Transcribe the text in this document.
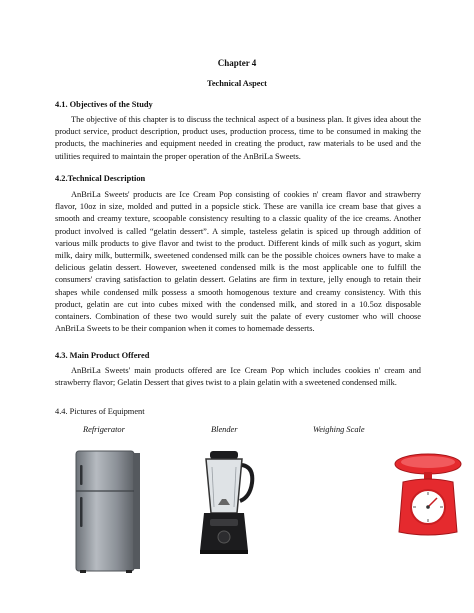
Chapter 4
Technical Aspect
4.1. Objectives of the Study
The objective of this chapter is to discuss the technical aspect of a business plan. It gives idea about the product service, product description, product uses, production process, time to be consumed in making the products, the machineries and equipment needed in creating the product, raw materials to be used and the utilities required to maintain the proper operation of the AnBriLa Sweets.
4.2.Technical Description
AnBriLa Sweets' products are Ice Cream Pop consisting of cookies n' cream flavor and strawberry flavor, 10oz in size, molded and putted in a popsicle stick. These are vanilla ice cream base that gives a smooth and creamy texture, scoopable consistency resulting to a classic quality of the ice creams. Another product involved is called “gelatin dessert”. A simple, tasteless gelatin is spiced up through addition of various milk products to give flavor and twist to the product. Different kinds of milk such as yogurt, skim milk, dairy milk, buttermilk, sweetened condensed milk can be the possible choices owners have to make a delicious gelatin dessert. However, sweetened condensed milk is the most applicable one to fulfill the consumers' craving satisfaction to gelatin dessert. Gelatins are firm in texture, jelly enough to retain their shapes while condensed milk possess a smooth homogenous texture and creamy consistency. With this product, gelatin are cut into cubes mixed with the condensed milk, and stored in a 10.5oz disposable containers. Combination of these two would surely suit the palate of every customer who will choose AnBriLa Sweets to be their companion when it comes to homemade desserts.
4.3. Main Product Offered
AnBriLa Sweets' main products offered are Ice Cream Pop which includes cookies n' cream and strawberry flavor; Gelatin Dessert that gives twist to a plain gelatin with a sweetened condensed milk.
4.4. Pictures of Equipment
Refrigerator	Blender	Weighing Scale
